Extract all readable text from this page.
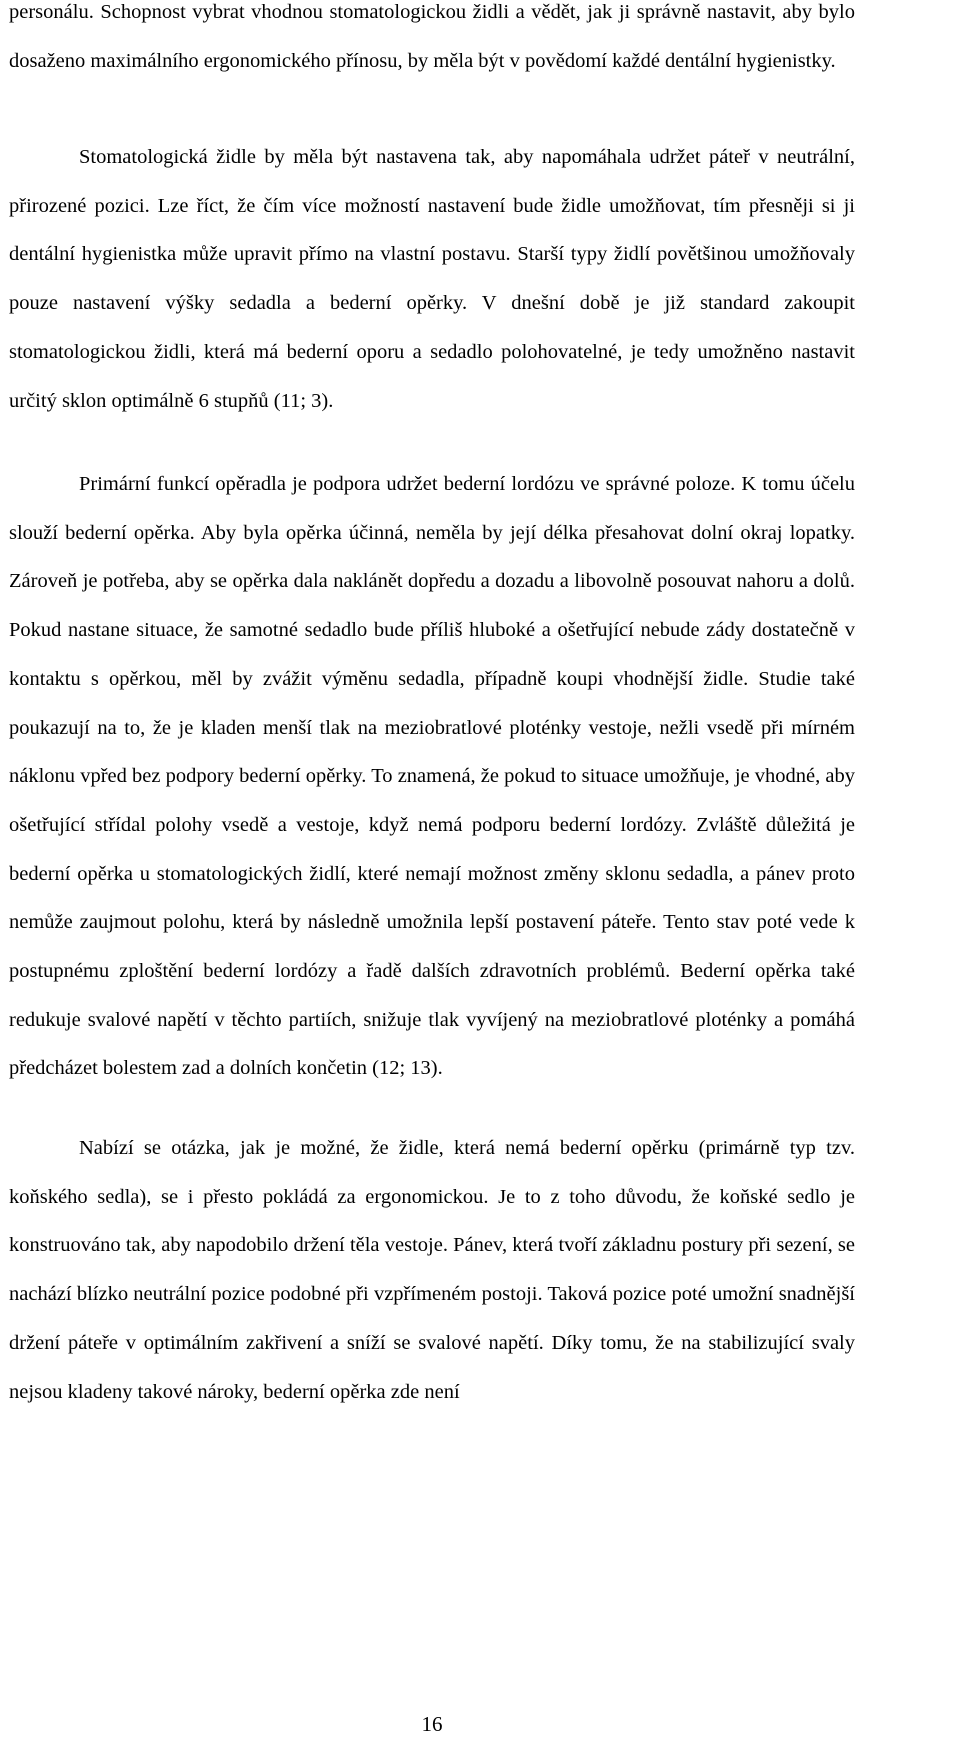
personálu. Schopnost vybrat vhodnou stomatologickou židli a vědět, jak ji správně nastavit, aby bylo dosaženo maximálního ergonomického přínosu, by měla být v povědomí každé dentální hygienistky.

Stomatologická židle by měla být nastavena tak, aby napomáhala udržet páteř v neutrální, přirozené pozici. Lze říct, že čím více možností nastavení bude židle umožňovat, tím přesněji si ji dentální hygienistka může upravit přímo na vlastní postavu. Starší typy židlí povětšinou umožňovaly pouze nastavení výšky sedadla a bederní opěrky. V dnešní době je již standard zakoupit stomatologickou židli, která má bederní oporu a sedadlo polohovatelné, je tedy umožněno nastavit určitý sklon optimálně 6 stupňů (11; 3).

Primární funkcí opěradla je podpora udržet bederní lordózu ve správné poloze. K tomu účelu slouží bederní opěrka. Aby byla opěrka účinná, neměla by její délka přesahovat dolní okraj lopatky. Zároveň je potřeba, aby se opěrka dala naklánět dopředu a dozadu a libovolně posouvat nahoru a dolů. Pokud nastane situace, že samotné sedadlo bude příliš hluboké a ošetřující nebude zády dostatečně v kontaktu s opěrkou, měl by zvážit výměnu sedadla, případně koupi vhodnější židle. Studie také poukazují na to, že je kladen menší tlak na meziobratlové ploténky vestoje, nežli vsedě při mírném náklonu vpřed bez podpory bederní opěrky. To znamená, že pokud to situace umožňuje, je vhodné, aby ošetřující střídal polohy vsedě a vestoje, když nemá podporu bederní lordózy. Zvláště důležitá je bederní opěrka u stomatologických židlí, které nemají možnost změny sklonu sedadla, a pánev proto nemůže zaujmout polohu, která by následně umožnila lepší postavení páteře. Tento stav poté vede k postupnému zploštění bederní lordózy a řadě dalších zdravotních problémů. Bederní opěrka také redukuje svalové napětí v těchto partiích, snižuje tlak vyvíjený na meziobratlové ploténky a pomáhá předcházet bolestem zad a dolních končetin (12; 13).

Nabízí se otázka, jak je možné, že židle, která nemá bederní opěrku (primárně typ tzv. koňského sedla), se i přesto pokládá za ergonomickou. Je to z toho důvodu, že koňské sedlo je konstruováno tak, aby napodobilo držení těla vestoje. Pánev, která tvoří základnu postury při sezení, se nachází blízko neutrální pozice podobné při vzpřímeném postoji. Taková pozice poté umožní snadnější držení páteře v optimálním zakřivení a sníží se svalové napětí. Díky tomu, že na stabilizující svaly nejsou kladeny takové nároky, bederní opěrka zde není

16
